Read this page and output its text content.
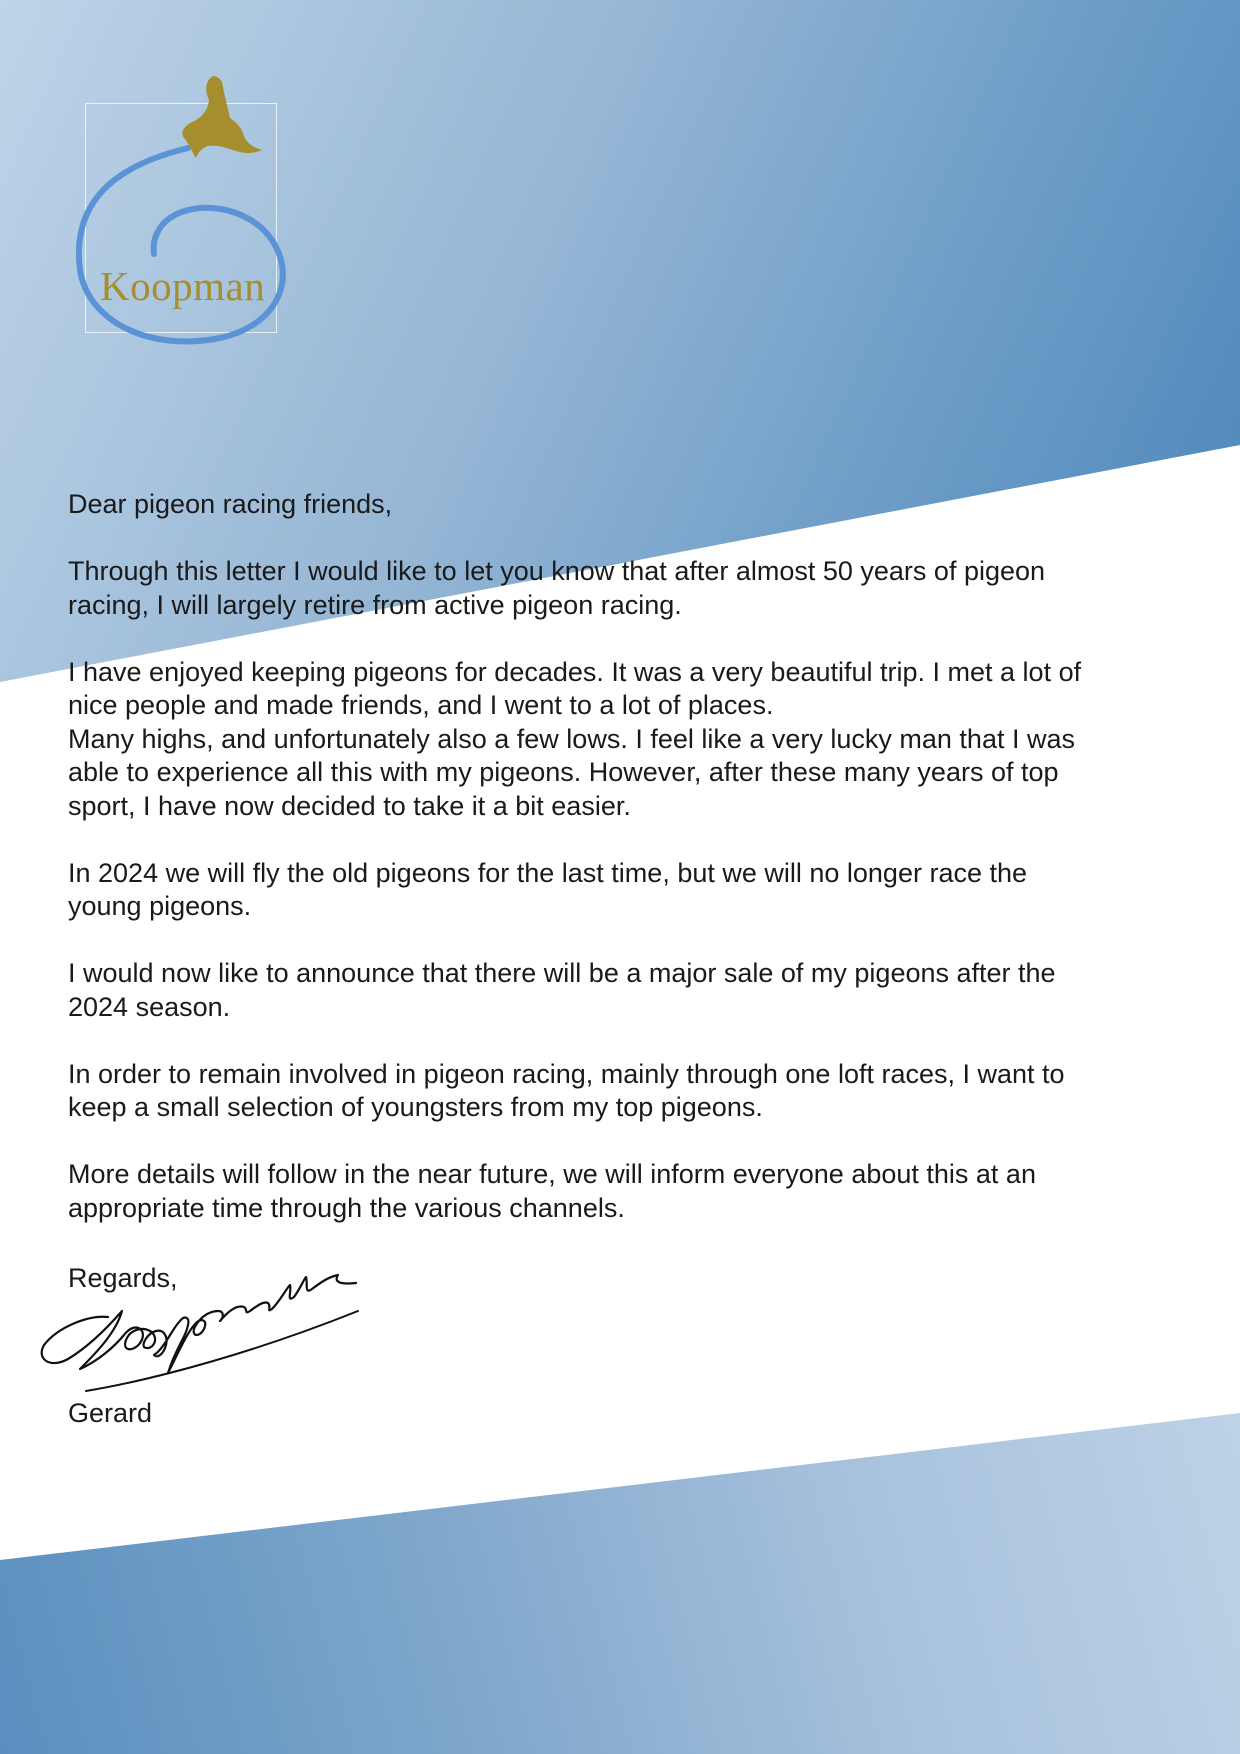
Koopman

Dear pigeon racing friends,

Through this letter I would like to let you know that after almost 50 years of pigeon
racing, I will largely retire from active pigeon racing.

I have enjoyed keeping pigeons for decades. It was a very beautiful trip. I met a lot of
nice people and made friends, and I went to a lot of places.
Many highs, and unfortunately also a few lows. I feel like a very lucky man that I was
able to experience all this with my pigeons. However, after these many years of top
sport, I have now decided to take it a bit easier.

In 2024 we will fly the old pigeons for the last time, but we will no longer race the
young pigeons.

I would now like to announce that there will be a major sale of my pigeons after the
2024 season.

In order to remain involved in pigeon racing, mainly through one loft races, I want to
keep a small selection of youngsters from my top pigeons.

More details will follow in the near future, we will inform everyone about this at an
appropriate time through the various channels.

Regards,
Gerard
